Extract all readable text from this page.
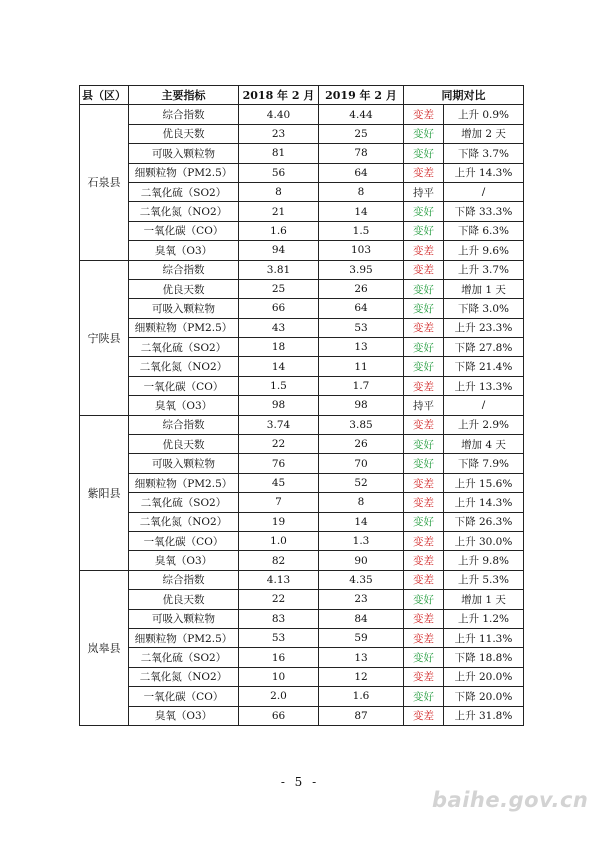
县（区）	主要指标	2018 年 2 月	2019 年 2 月	同期对比	
石泉县	综合指数	4.40	4.44	变差	上升 0.9%
	优良天数	23	25	变好	增加 2 天
	可吸入颗粒物	81	78	变好	下降 3.7%
	细颗粒物（PM2.5）	56	64	变差	上升 14.3%
	二氧化硫（SO2）	8	8	持平	/
	二氧化氮（NO2）	21	14	变好	下降 33.3%
	一氧化碳（CO）	1.6	1.5	变好	下降 6.3%
	臭氧（O3）	94	103	变差	上升 9.6%
宁陕县	综合指数	3.81	3.95	变差	上升 3.7%
	优良天数	25	26	变好	增加 1 天
	可吸入颗粒物	66	64	变好	下降 3.0%
	细颗粒物（PM2.5）	43	53	变差	上升 23.3%
	二氧化硫（SO2）	18	13	变好	下降 27.8%
	二氧化氮（NO2）	14	11	变好	下降 21.4%
	一氧化碳（CO）	1.5	1.7	变差	上升 13.3%
	臭氧（O3）	98	98	持平	/
紫阳县	综合指数	3.74	3.85	变差	上升 2.9%
	优良天数	22	26	变好	增加 4 天
	可吸入颗粒物	76	70	变好	下降 7.9%
	细颗粒物（PM2.5）	45	52	变差	上升 15.6%
	二氧化硫（SO2）	7	8	变差	上升 14.3%
	二氧化氮（NO2）	19	14	变好	下降 26.3%
	一氧化碳（CO）	1.0	1.3	变差	上升 30.0%
	臭氧（O3）	82	90	变差	上升 9.8%
岚皋县	综合指数	4.13	4.35	变差	上升 5.3%
	优良天数	22	23	变好	增加 1 天
	可吸入颗粒物	83	84	变差	上升 1.2%
	细颗粒物（PM2.5）	53	59	变差	上升 11.3%
	二氧化硫（SO2）	16	13	变好	下降 18.8%
	二氧化氮（NO2）	10	12	变差	上升 20.0%
	一氧化碳（CO）	2.0	1.6	变好	下降 20.0%
	臭氧（O3）	66	87	变差	上升 31.8%
- 5 -
baihe.gov.cn
